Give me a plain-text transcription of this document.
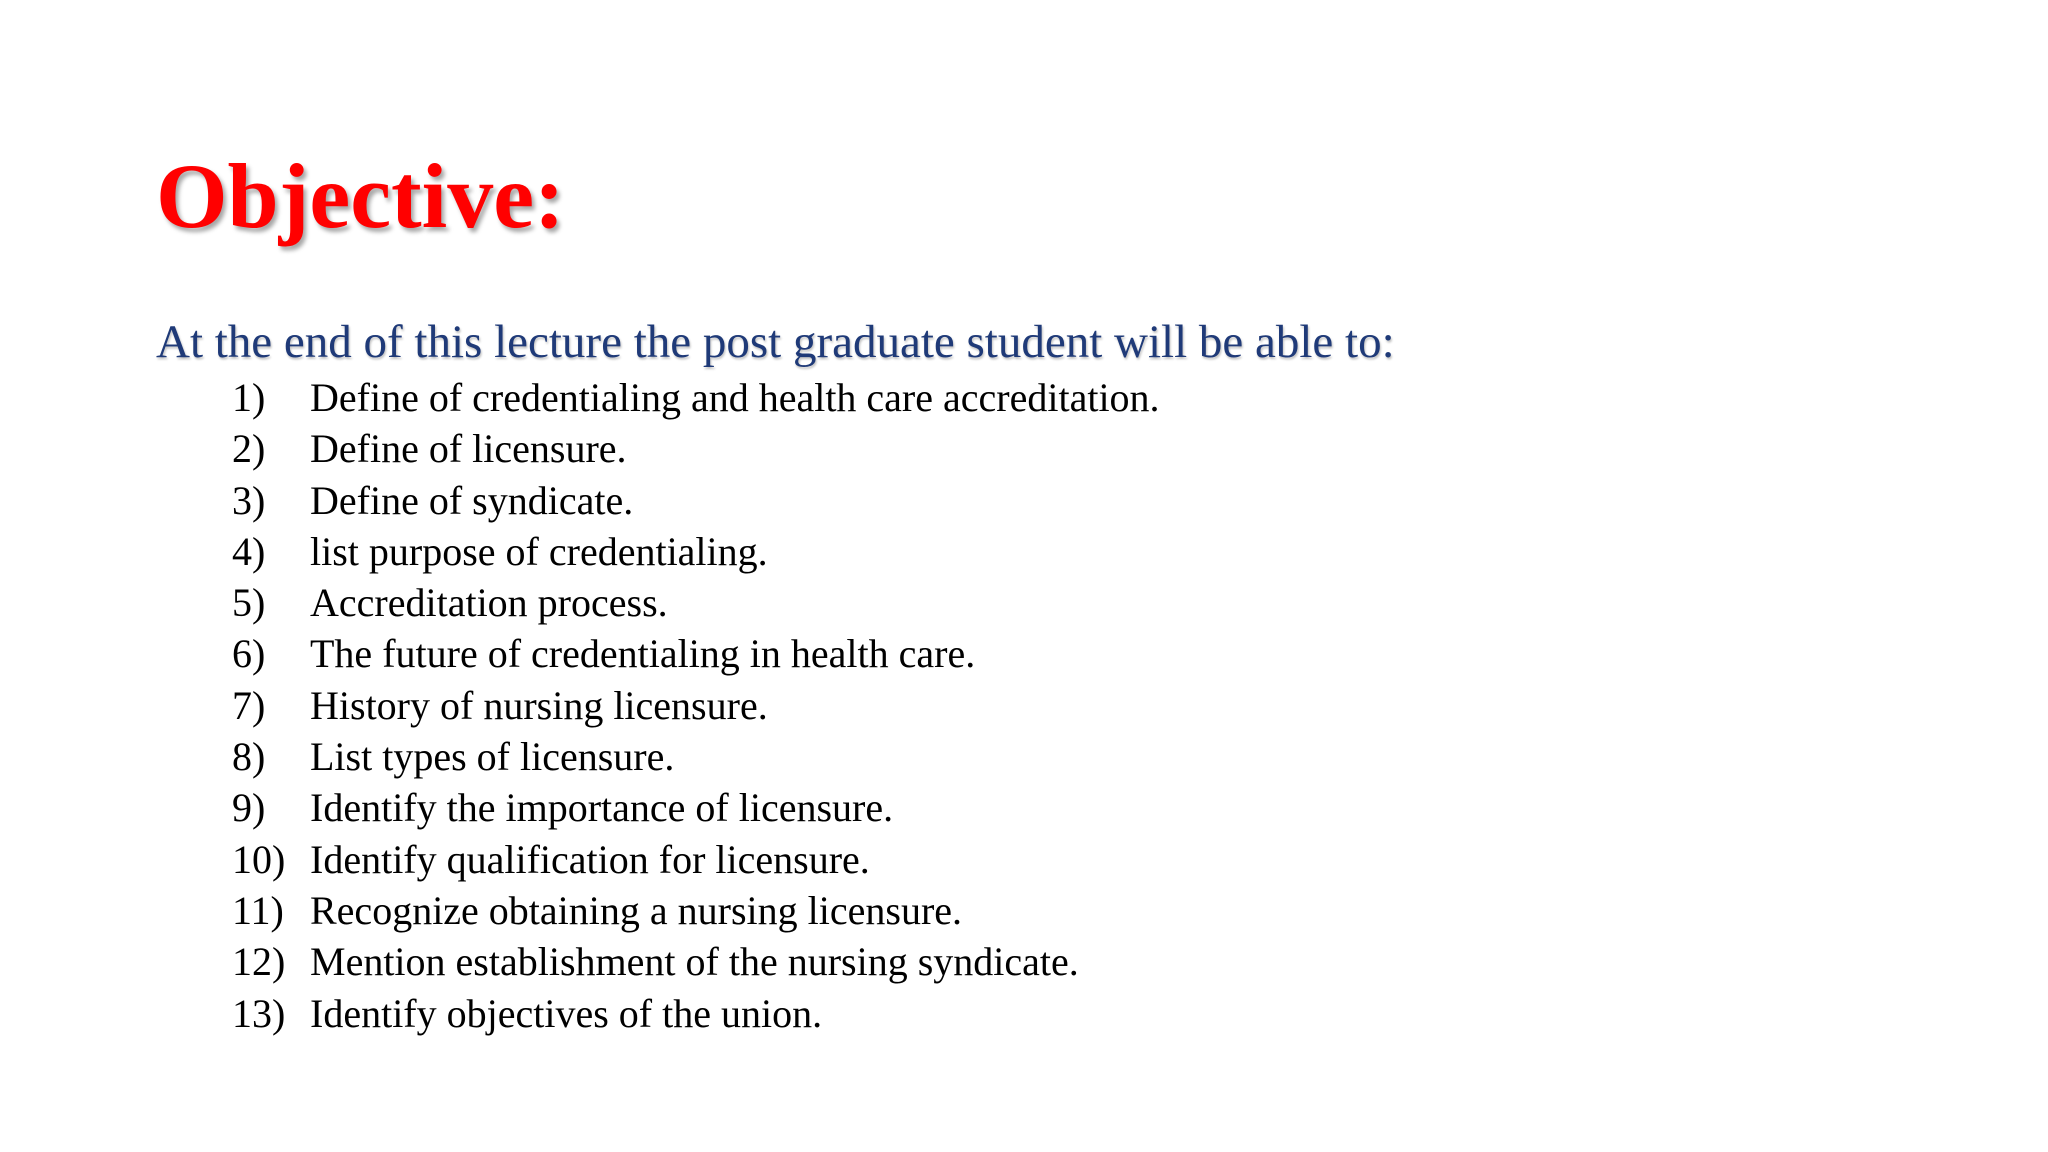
Objective:

At the end of this lecture the post graduate student will be able to:

1)	Define of credentialing and health care accreditation.
2)	Define of licensure.
3)	Define of syndicate.
4)	list purpose of credentialing.
5)	Accreditation process.
6)	The future of credentialing in health care.
7)	History of nursing licensure.
8)	List types of licensure.
9)	Identify the importance of licensure.
10) Identify qualification for licensure.
11) Recognize obtaining a nursing licensure.
12) Mention establishment of the nursing syndicate.
13) Identify objectives of the union.
